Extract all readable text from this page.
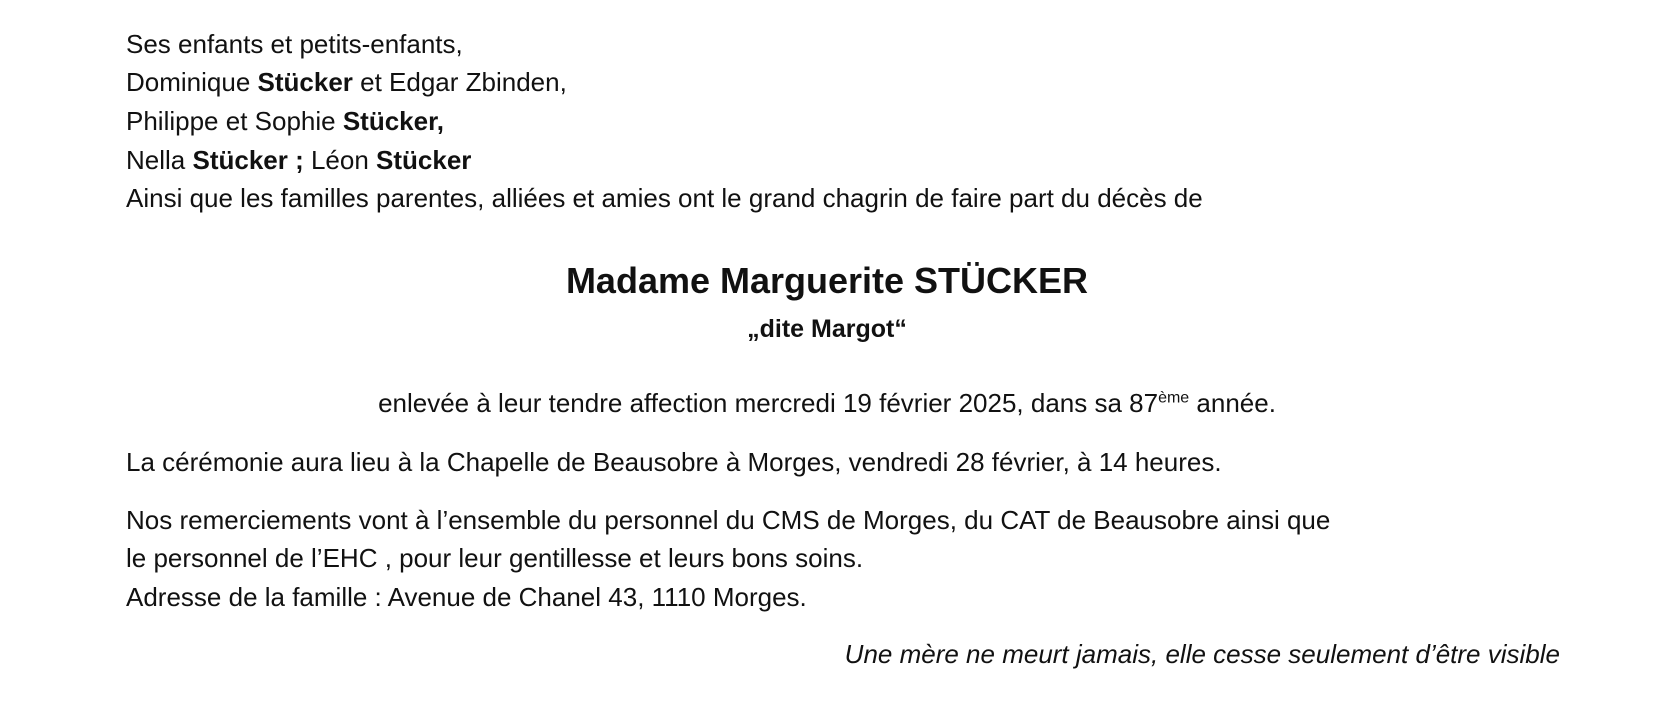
Ses enfants et petits-enfants,
Dominique Stücker et Edgar Zbinden,
Philippe et Sophie Stücker,
Nella Stücker ; Léon Stücker
Ainsi que les familles parentes, alliées et amies ont le grand chagrin de faire part du décès de
Madame Marguerite STÜCKER
„dite Margot“
enlevée à leur tendre affection mercredi 19 février 2025, dans sa 87ème année.
La cérémonie aura lieu à la Chapelle de Beausobre à Morges, vendredi 28 février, à 14 heures.
Nos remerciements vont à l’ensemble du personnel du CMS de Morges, du CAT de Beausobre ainsi que
le personnel de l’EHC , pour leur gentillesse et leurs bons soins.
Adresse de la famille : Avenue de Chanel 43, 1110 Morges.
Une mère ne meurt jamais, elle cesse seulement d’être visible
